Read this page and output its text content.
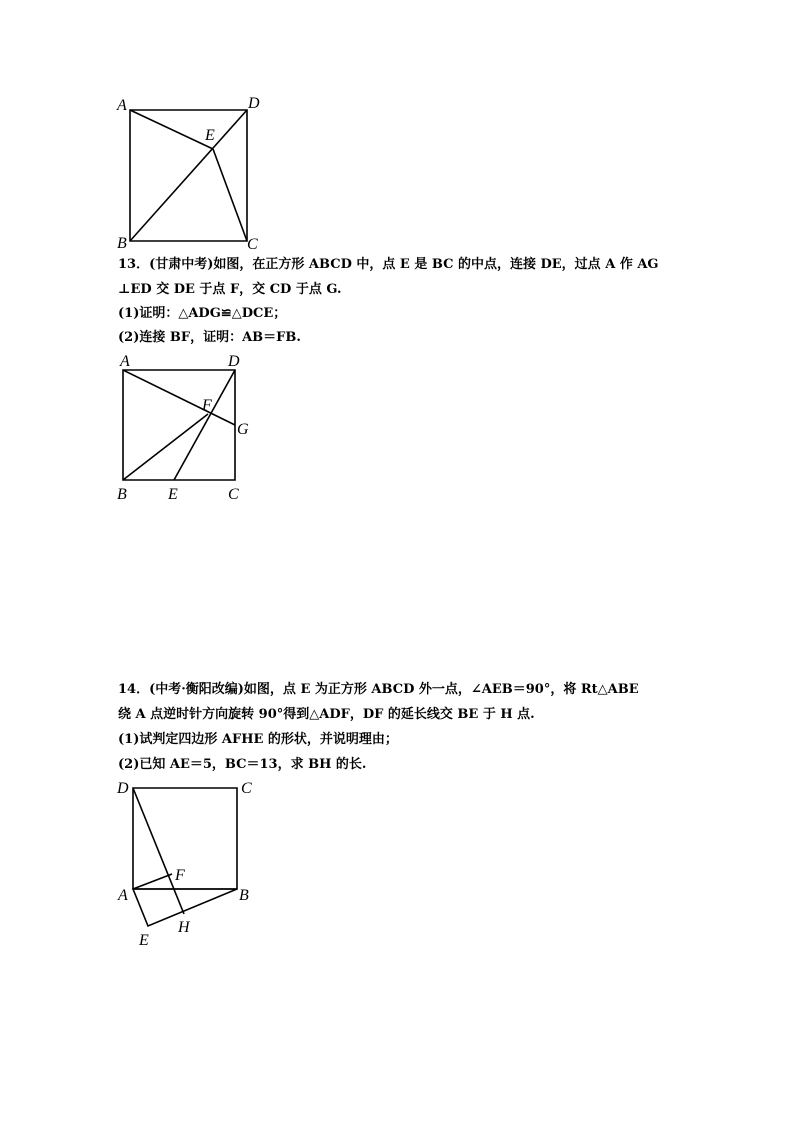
A	D
E
B	C
13．(甘肃中考)如图，在正方形 ABCD 中，点 E 是 BC 的中点，连接 DE，过点 A 作 AG
⊥ED 交 DE 于点 F，交 CD 于点 G.
(1)证明：△ADG≌△DCE；
(2)连接 BF，证明：AB＝FB.
A	D
F
G
B	E	C
14．(中考·衡阳改编)如图，点 E 为正方形 ABCD 外一点，∠AEB＝90°，将 Rt△ABE
绕 A 点逆时针方向旋转 90°得到△ADF，DF 的延长线交 BE 于 H 点.
(1)试判定四边形 AFHE 的形状，并说明理由；
(2)已知 AE＝5，BC＝13，求 BH 的长.
D	C
F
A	B
H
E
